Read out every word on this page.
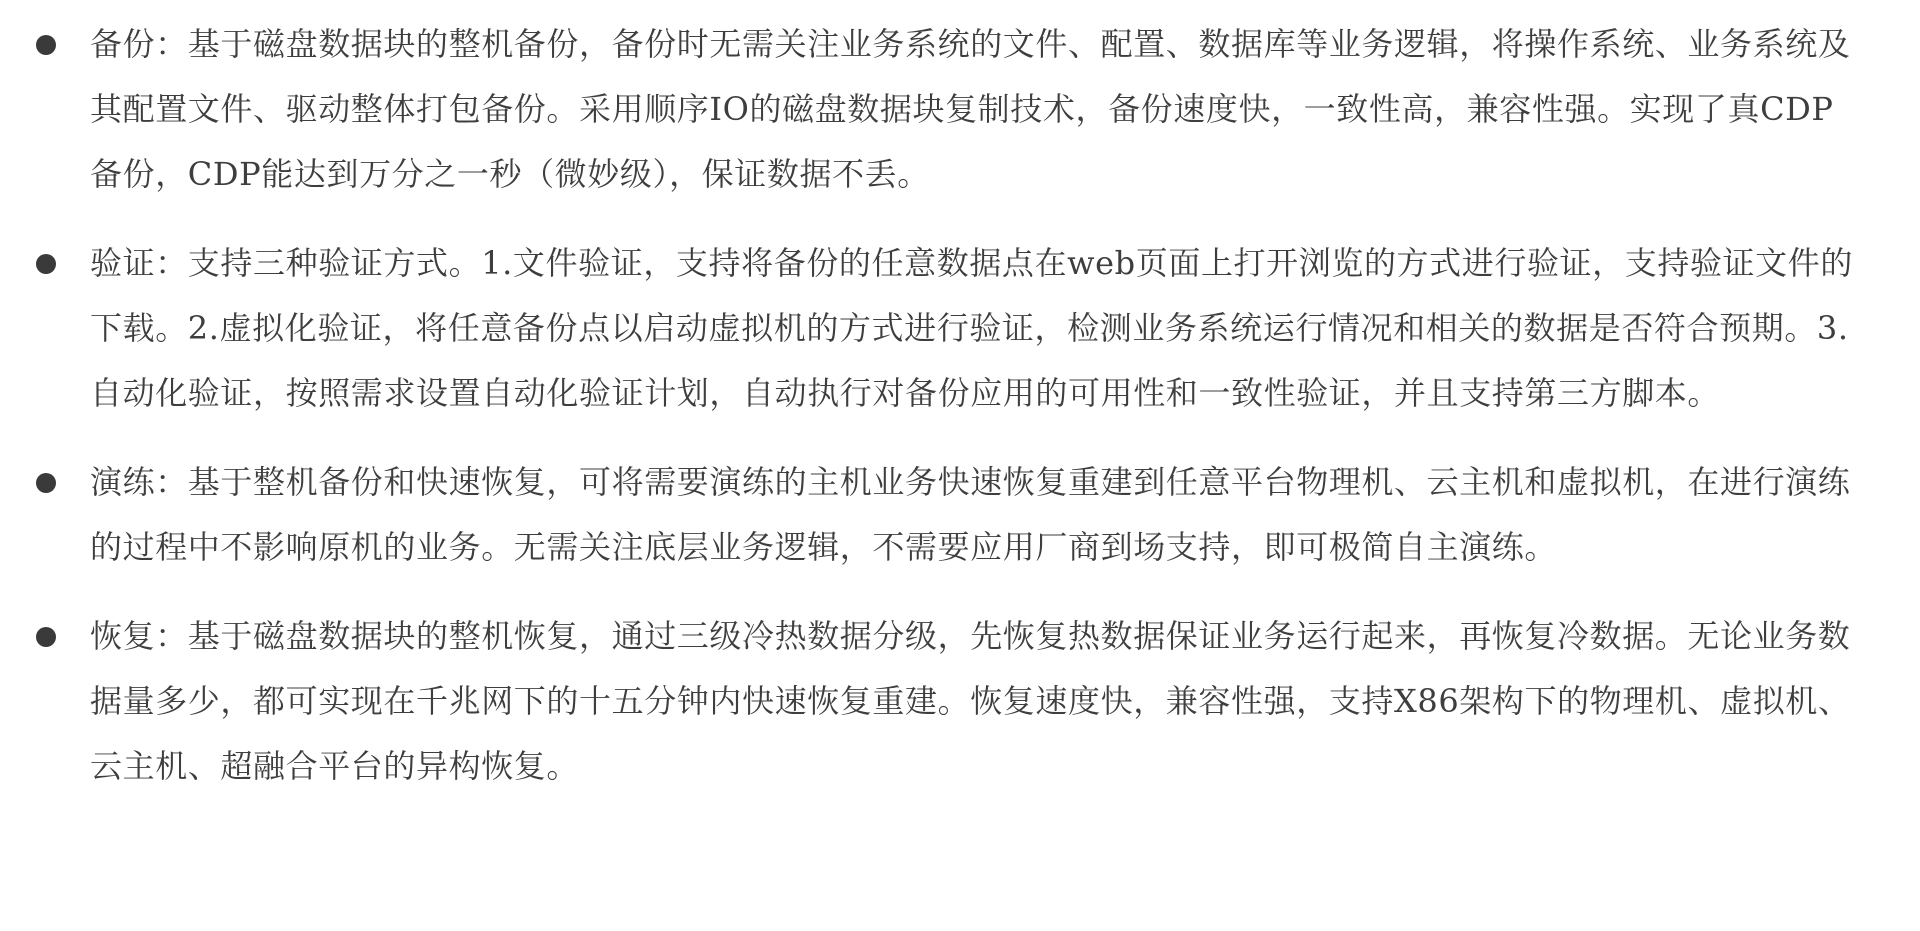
备份：基于磁盘数据块的整机备份，备份时无需关注业务系统的文件、配置、数据库等业务逻辑，将操作系统、业务系统及其配置文件、驱动整体打包备份。采用顺序IO的磁盘数据块复制技术，备份速度快，一致性高，兼容性强。实现了真CDP备份，CDP能达到万分之一秒（微妙级），保证数据不丢。
验证：支持三种验证方式。1.文件验证，支持将备份的任意数据点在web页面上打开浏览的方式进行验证，支持验证文件的下载。2.虚拟化验证，将任意备份点以启动虚拟机的方式进行验证，检测业务系统运行情况和相关的数据是否符合预期。3.自动化验证，按照需求设置自动化验证计划，自动执行对备份应用的可用性和一致性验证，并且支持第三方脚本。
演练：基于整机备份和快速恢复，可将需要演练的主机业务快速恢复重建到任意平台物理机、云主机和虚拟机，在进行演练的过程中不影响原机的业务。无需关注底层业务逻辑，不需要应用厂商到场支持，即可极简自主演练。
恢复：基于磁盘数据块的整机恢复，通过三级冷热数据分级，先恢复热数据保证业务运行起来，再恢复冷数据。无论业务数据量多少，都可实现在千兆网下的十五分钟内快速恢复重建。恢复速度快，兼容性强，支持X86架构下的物理机、虚拟机、云主机、超融合平台的异构恢复。
